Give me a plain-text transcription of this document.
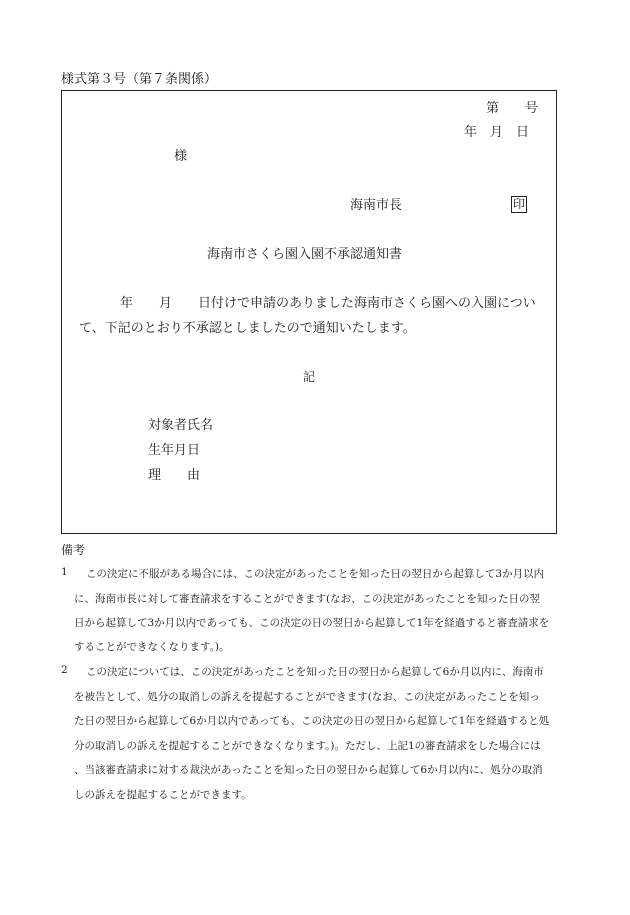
様式第３号（第７条関係）
第　　号
年　月　日
様
海南市長	印
海南市さくら園入園不承認通知書
年　　月　　日付けで申請のありました海南市さくら園への入園につい
て、下記のとおり不承認としましたので通知いたします。
記
対象者氏名
生年月日
理　　由
備考
1 この決定に不服がある場合には、この決定があったことを知った日の翌日から起算して3か月以内
に、海南市長に対して審査請求をすることができます(なお、この決定があったことを知った日の翌
日から起算して3か月以内であっても、この決定の日の翌日から起算して1年を経過すると審査請求を
することができなくなります。)。
2 この決定については、この決定があったことを知った日の翌日から起算して6か月以内に、海南市
を被告として、処分の取消しの訴えを提起することができます(なお、この決定があったことを知っ
た日の翌日から起算して6か月以内であっても、この決定の日の翌日から起算して1年を経過すると処
分の取消しの訴えを提起することができなくなります。)。ただし、上記1の審査請求をした場合には
、当該審査請求に対する裁決があったことを知った日の翌日から起算して6か月以内に、処分の取消
しの訴えを提起することができます。
